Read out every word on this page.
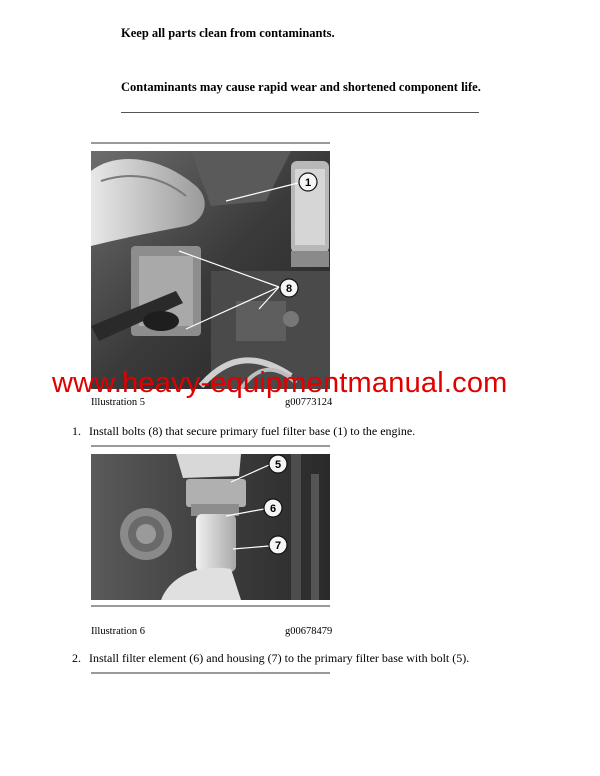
Keep all parts clean from contaminants.
Contaminants may cause rapid wear and shortened component life.
1
8
www.heavy-equipmentmanual.com
Illustration 5	g00773124
1. Install bolts (8) that secure primary fuel filter base (1) to the engine.
5
6
7
Illustration 6	g00678479
2. Install filter element (6) and housing (7) to the primary filter base with bolt (5).
